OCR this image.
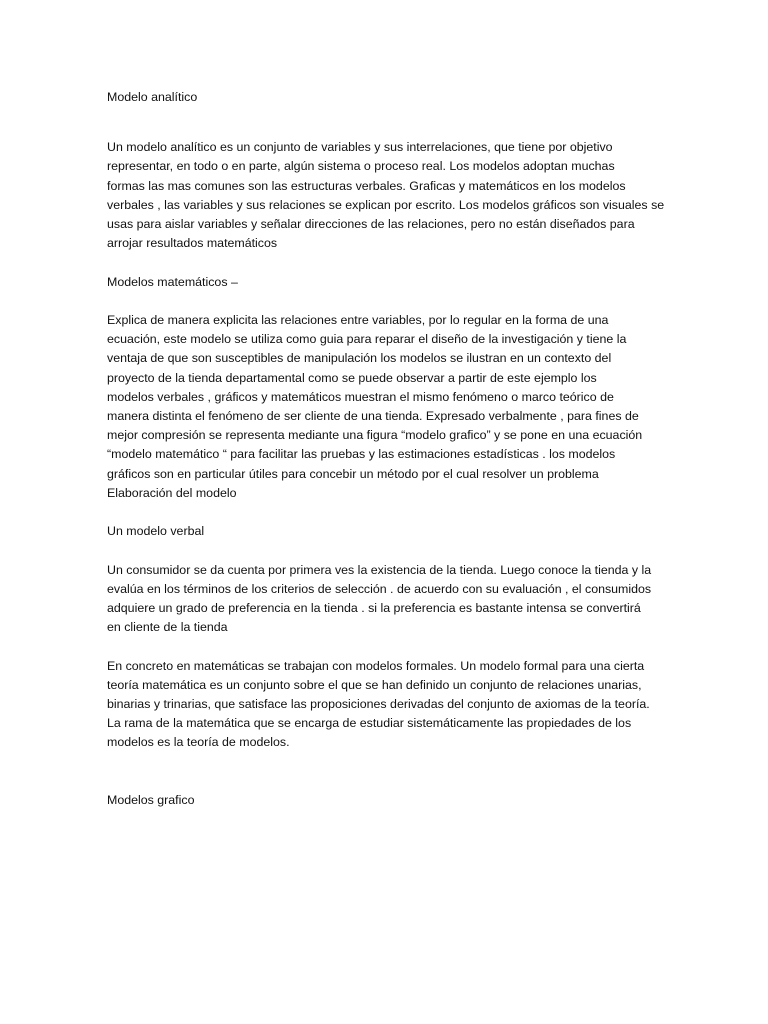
Modelo analítico

Un modelo analítico es un conjunto de variables y sus interrelaciones, que tiene por objetivo
representar, en todo o en parte, algún sistema o proceso real. Los modelos adoptan muchas
formas las mas comunes son las estructuras verbales. Graficas y matemáticos en los modelos
verbales , las variables y sus relaciones se explican por escrito. Los modelos gráficos son visuales se
usas para aislar variables y señalar direcciones de las relaciones, pero no están diseñados para
arrojar resultados matemáticos

Modelos matemáticos –

Explica de manera explicita las relaciones entre variables, por lo regular en la forma de una
ecuación, este modelo se utiliza como guia para reparar el diseño de la investigación y tiene la
ventaja de que son susceptibles de manipulación los modelos se ilustran en un contexto del
proyecto de la tienda departamental como se puede observar a partir de este ejemplo los
modelos verbales , gráficos y matemáticos muestran el mismo fenómeno o marco teórico de
manera distinta el fenómeno de ser cliente de una tienda. Expresado verbalmente , para fines de
mejor compresión se representa mediante una figura “modelo grafico” y se pone en una ecuación
“modelo matemático “ para facilitar las pruebas y las estimaciones estadísticas . los modelos
gráficos son en particular útiles para concebir un método por el cual resolver un problema
Elaboración del modelo

Un modelo verbal

Un consumidor se da cuenta por primera ves la existencia de la tienda. Luego conoce la tienda y la
evalúa en los términos de los criterios de selección . de acuerdo con su evaluación , el consumidos
adquiere un grado de preferencia en la tienda . si la preferencia es bastante intensa se convertirá
en cliente de la tienda

En concreto en matemáticas se trabajan con modelos formales. Un modelo formal para una cierta
teoría matemática es un conjunto sobre el que se han definido un conjunto de relaciones unarias,
binarias y trinarias, que satisface las proposiciones derivadas del conjunto de axiomas de la teoría.
La rama de la matemática que se encarga de estudiar sistemáticamente las propiedades de los
modelos es la teoría de modelos.

Modelos grafico
